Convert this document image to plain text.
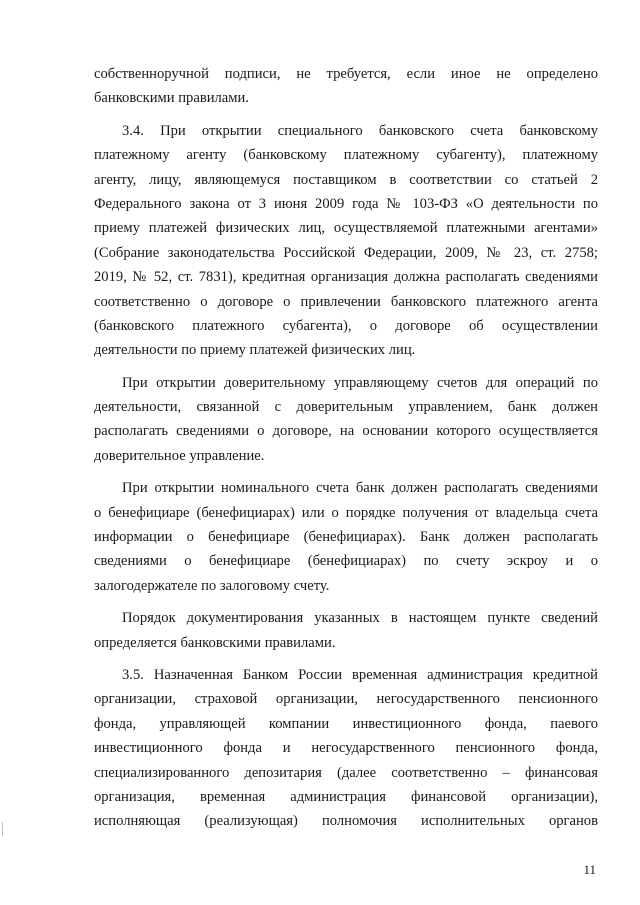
собственноручной подписи, не требуется, если иное не определено
банковскими правилами.

3.4. При открытии специального банковского счета банковскому
платежному агенту (банковскому платежному субагенту), платежному
агенту, лицу, являющемуся поставщиком в соответствии со статьей 2
Федерального закона от 3 июня 2009 года № 103-ФЗ «О деятельности по
приему платежей физических лиц, осуществляемой платежными агентами»
(Собрание законодательства Российской Федерации, 2009, № 23, ст. 2758;
2019, № 52, ст. 7831), кредитная организация должна располагать сведениями
соответственно о договоре о привлечении банковского платежного агента
(банковского платежного субагента), о договоре об осуществлении
деятельности по приему платежей физических лиц.

При открытии доверительному управляющему счетов для операций по
деятельности, связанной с доверительным управлением, банк должен
располагать сведениями о договоре, на основании которого осуществляется
доверительное управление.

При открытии номинального счета банк должен располагать сведениями
о бенефициаре (бенефициарах) или о порядке получения от владельца счета
информации о бенефициаре (бенефициарах). Банк должен располагать
сведениями о бенефициаре (бенефициарах) по счету эскроу и о
залогодержателе по залоговому счету.

Порядок документирования указанных в настоящем пункте сведений
определяется банковскими правилами.

3.5. Назначенная Банком России временная администрация кредитной
организации, страховой организации, негосударственного пенсионного
фонда, управляющей компании инвестиционного фонда, паевого
инвестиционного фонда и негосударственного пенсионного фонда,
специализированного депозитария (далее соответственно – финансовая
организация, временная администрация финансовой организации),
исполняющая (реализующая) полномочия исполнительных органов

11
